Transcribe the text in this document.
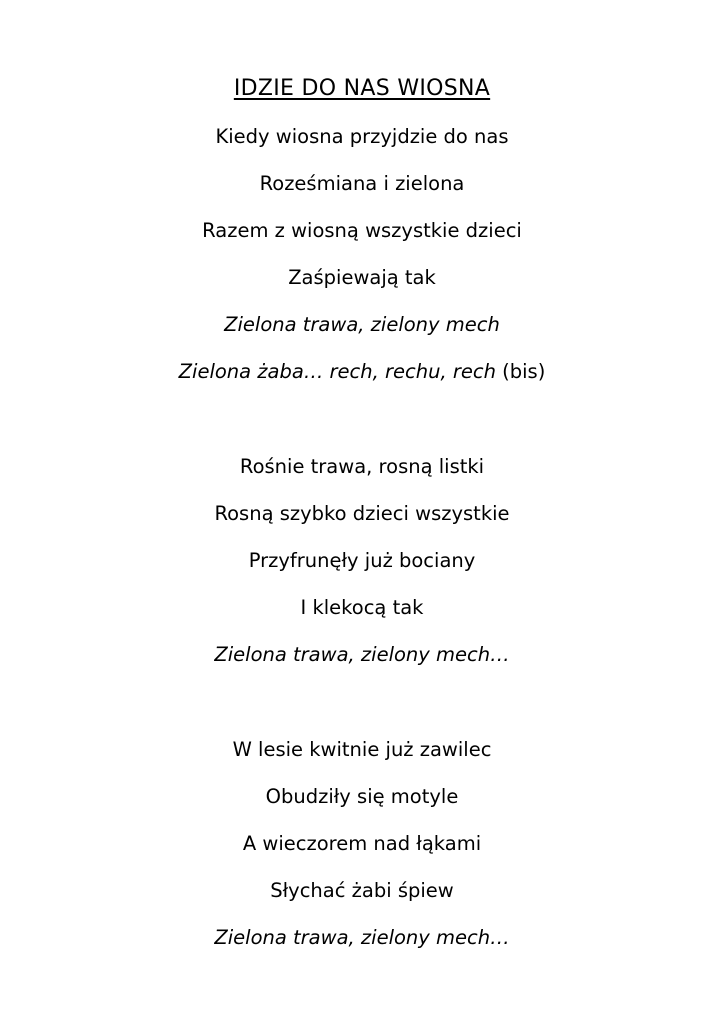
IDZIE DO NAS WIOSNA
Kiedy wiosna przyjdzie do nas
Roześmiana i zielona
Razem z wiosną wszystkie dzieci
Zaśpiewają tak
Zielona trawa, zielony mech
Zielona żaba… rech, rechu, rech (bis)
Rośnie trawa, rosną listki
Rosną szybko dzieci wszystkie
Przyfrunęły już bociany
I klekocą tak
Zielona trawa, zielony mech…
W lesie kwitnie już zawilec
Obudziły się motyle
A wieczorem nad łąkami
Słychać żabi śpiew
Zielona trawa, zielony mech…
